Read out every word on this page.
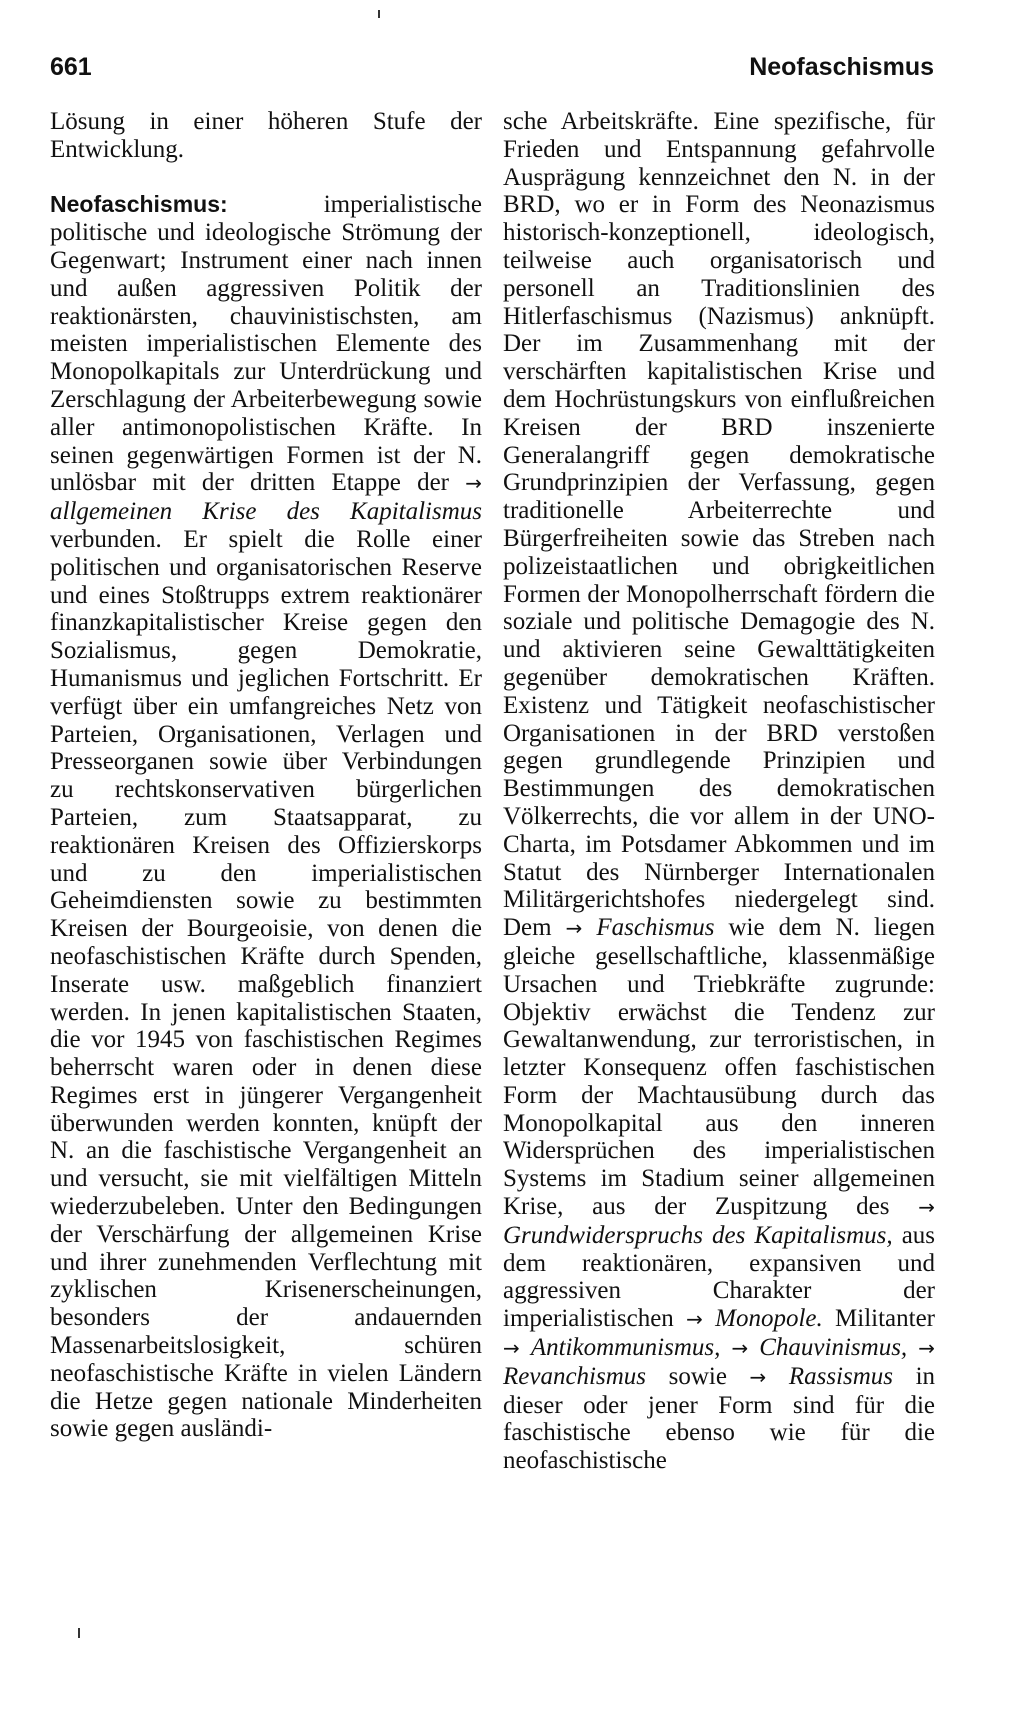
661	Neofaschismus

Lösung in einer höheren Stufe der Entwicklung.

Neofaschismus:	imperialistische politische und ideologische Strömung der Gegenwart; Instrument einer nach innen und außen aggressiven Politik der reaktionärsten, chauvinistischsten, am meisten imperialistischen Elemente des Monopolkapitals zur Unterdrückung und Zerschlagung der Arbeiterbewegung sowie aller antimonopolistischen Kräfte. In seinen gegenwärtigen Formen ist der N. unlösbar mit der dritten Etappe der → allgemeinen Krise des Kapitalismus verbunden. Er spielt die Rolle einer politischen und organisatorischen Reserve und eines Stoßtrupps extrem reaktionärer finanzkapitalistischer Kreise gegen den Sozialismus, gegen Demokratie, Humanismus und jeglichen Fortschritt. Er verfügt über ein umfangreiches Netz von Parteien, Organisationen, Verlagen und Presseorganen sowie über Verbindungen zu rechtskonservativen bürgerlichen Parteien, zum Staatsapparat, zu reaktionären Kreisen des Offizierskorps und zu den imperialistischen Geheimdiensten sowie zu bestimmten Kreisen der Bourgeoisie, von denen die neofaschistischen Kräfte durch Spenden, Inserate usw. maßgeblich finanziert werden. In jenen kapitalistischen Staaten, die vor 1945 von faschistischen Regimes beherrscht waren oder in denen diese Regimes erst in jüngerer Vergangenheit überwunden werden konnten, knüpft der N. an die faschistische Vergangenheit an und versucht, sie mit vielfältigen Mitteln wiederzubeleben. Unter den Bedingungen der Verschärfung der allgemeinen Krise und ihrer zunehmenden Verflechtung mit zyklischen Krisenerscheinungen, besonders der andauernden Massenarbeitslosigkeit, schüren neofaschistische Kräfte in vielen Ländern die Hetze gegen nationale Minderheiten sowie gegen ausländi-

sche Arbeitskräfte. Eine spezifische, für Frieden und Entspannung gefahrvolle Ausprägung kennzeichnet den N. in der BRD, wo er in Form des Neonazismus historisch-konzeptionell, ideologisch, teilweise auch organisatorisch und personell an Traditionslinien des Hitlerfaschismus (Nazismus) anknüpft. Der im Zusammenhang mit der verschärften kapitalistischen Krise und dem Hochrüstungskurs von einflußreichen Kreisen der BRD inszenierte Generalangriff gegen demokratische Grundprinzipien der Verfassung, gegen traditionelle Arbeiterrechte und Bürgerfreiheiten sowie das Streben nach polizeistaatlichen und obrigkeitlichen Formen der Monopolherrschaft fördern die soziale und politische Demagogie des N. und aktivieren seine Gewalttätigkeiten gegenüber demokratischen Kräften. Existenz und Tätigkeit neofaschistischer Organisationen in der BRD verstoßen gegen grundlegende Prinzipien und Bestimmungen des demokratischen Völkerrechts, die vor allem in der UNO-Charta, im Potsdamer Abkommen und im Statut des Nürnberger Internationalen Militärgerichtshofes niedergelegt sind. Dem → Faschismus wie dem N. liegen gleiche gesellschaftliche, klassenmäßige Ursachen und Triebkräfte zugrunde: Objektiv erwächst die Tendenz zur Gewaltanwendung, zur terroristischen, in letzter Konsequenz offen faschistischen Form der Machtausübung durch das Monopolkapital aus den inneren Widersprüchen des imperialistischen Systems im Stadium seiner allgemeinen Krise, aus der Zuspitzung des → Grundwiderspruchs des Kapitalismus, aus dem reaktionären, expansiven und aggressiven Charakter der imperialistischen → Monopole. Militanter → Antikommunismus, → Chauvinismus, → Revanchismus sowie → Rassismus in dieser oder jener Form sind für die faschistische ebenso wie für die neofaschistische
